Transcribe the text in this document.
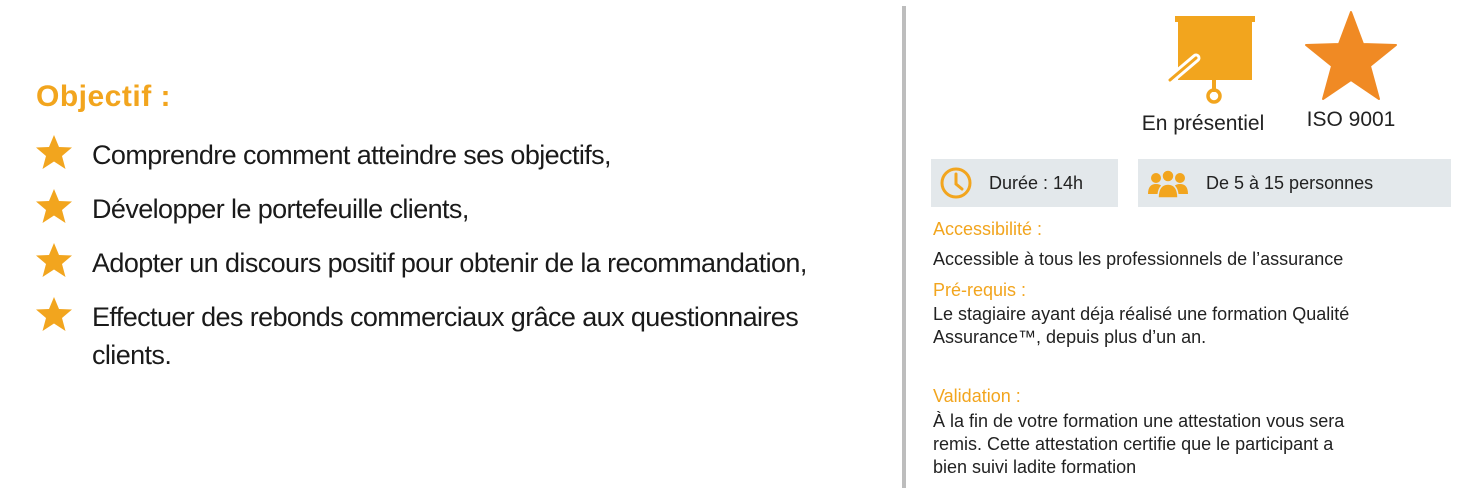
Objectif :
Comprendre comment atteindre ses objectifs,
Développer le portefeuille clients,
Adopter un discours positif pour obtenir de la recommandation,
Effectuer des rebonds commerciaux grâce aux questionnaires clients.
En présentiel	ISO 9001
Durée : 14h	De 5 à 15 personnes
Accessibilité :
Accessible à tous les professionnels de l’assurance
Pré-requis :
Le stagiaire ayant déja réalisé une formation Qualité
Assurance™, depuis plus d’un an.
Validation :
À la fin de votre formation une attestation vous sera
remis. Cette attestation certifie que le participant a
bien suivi ladite formation
